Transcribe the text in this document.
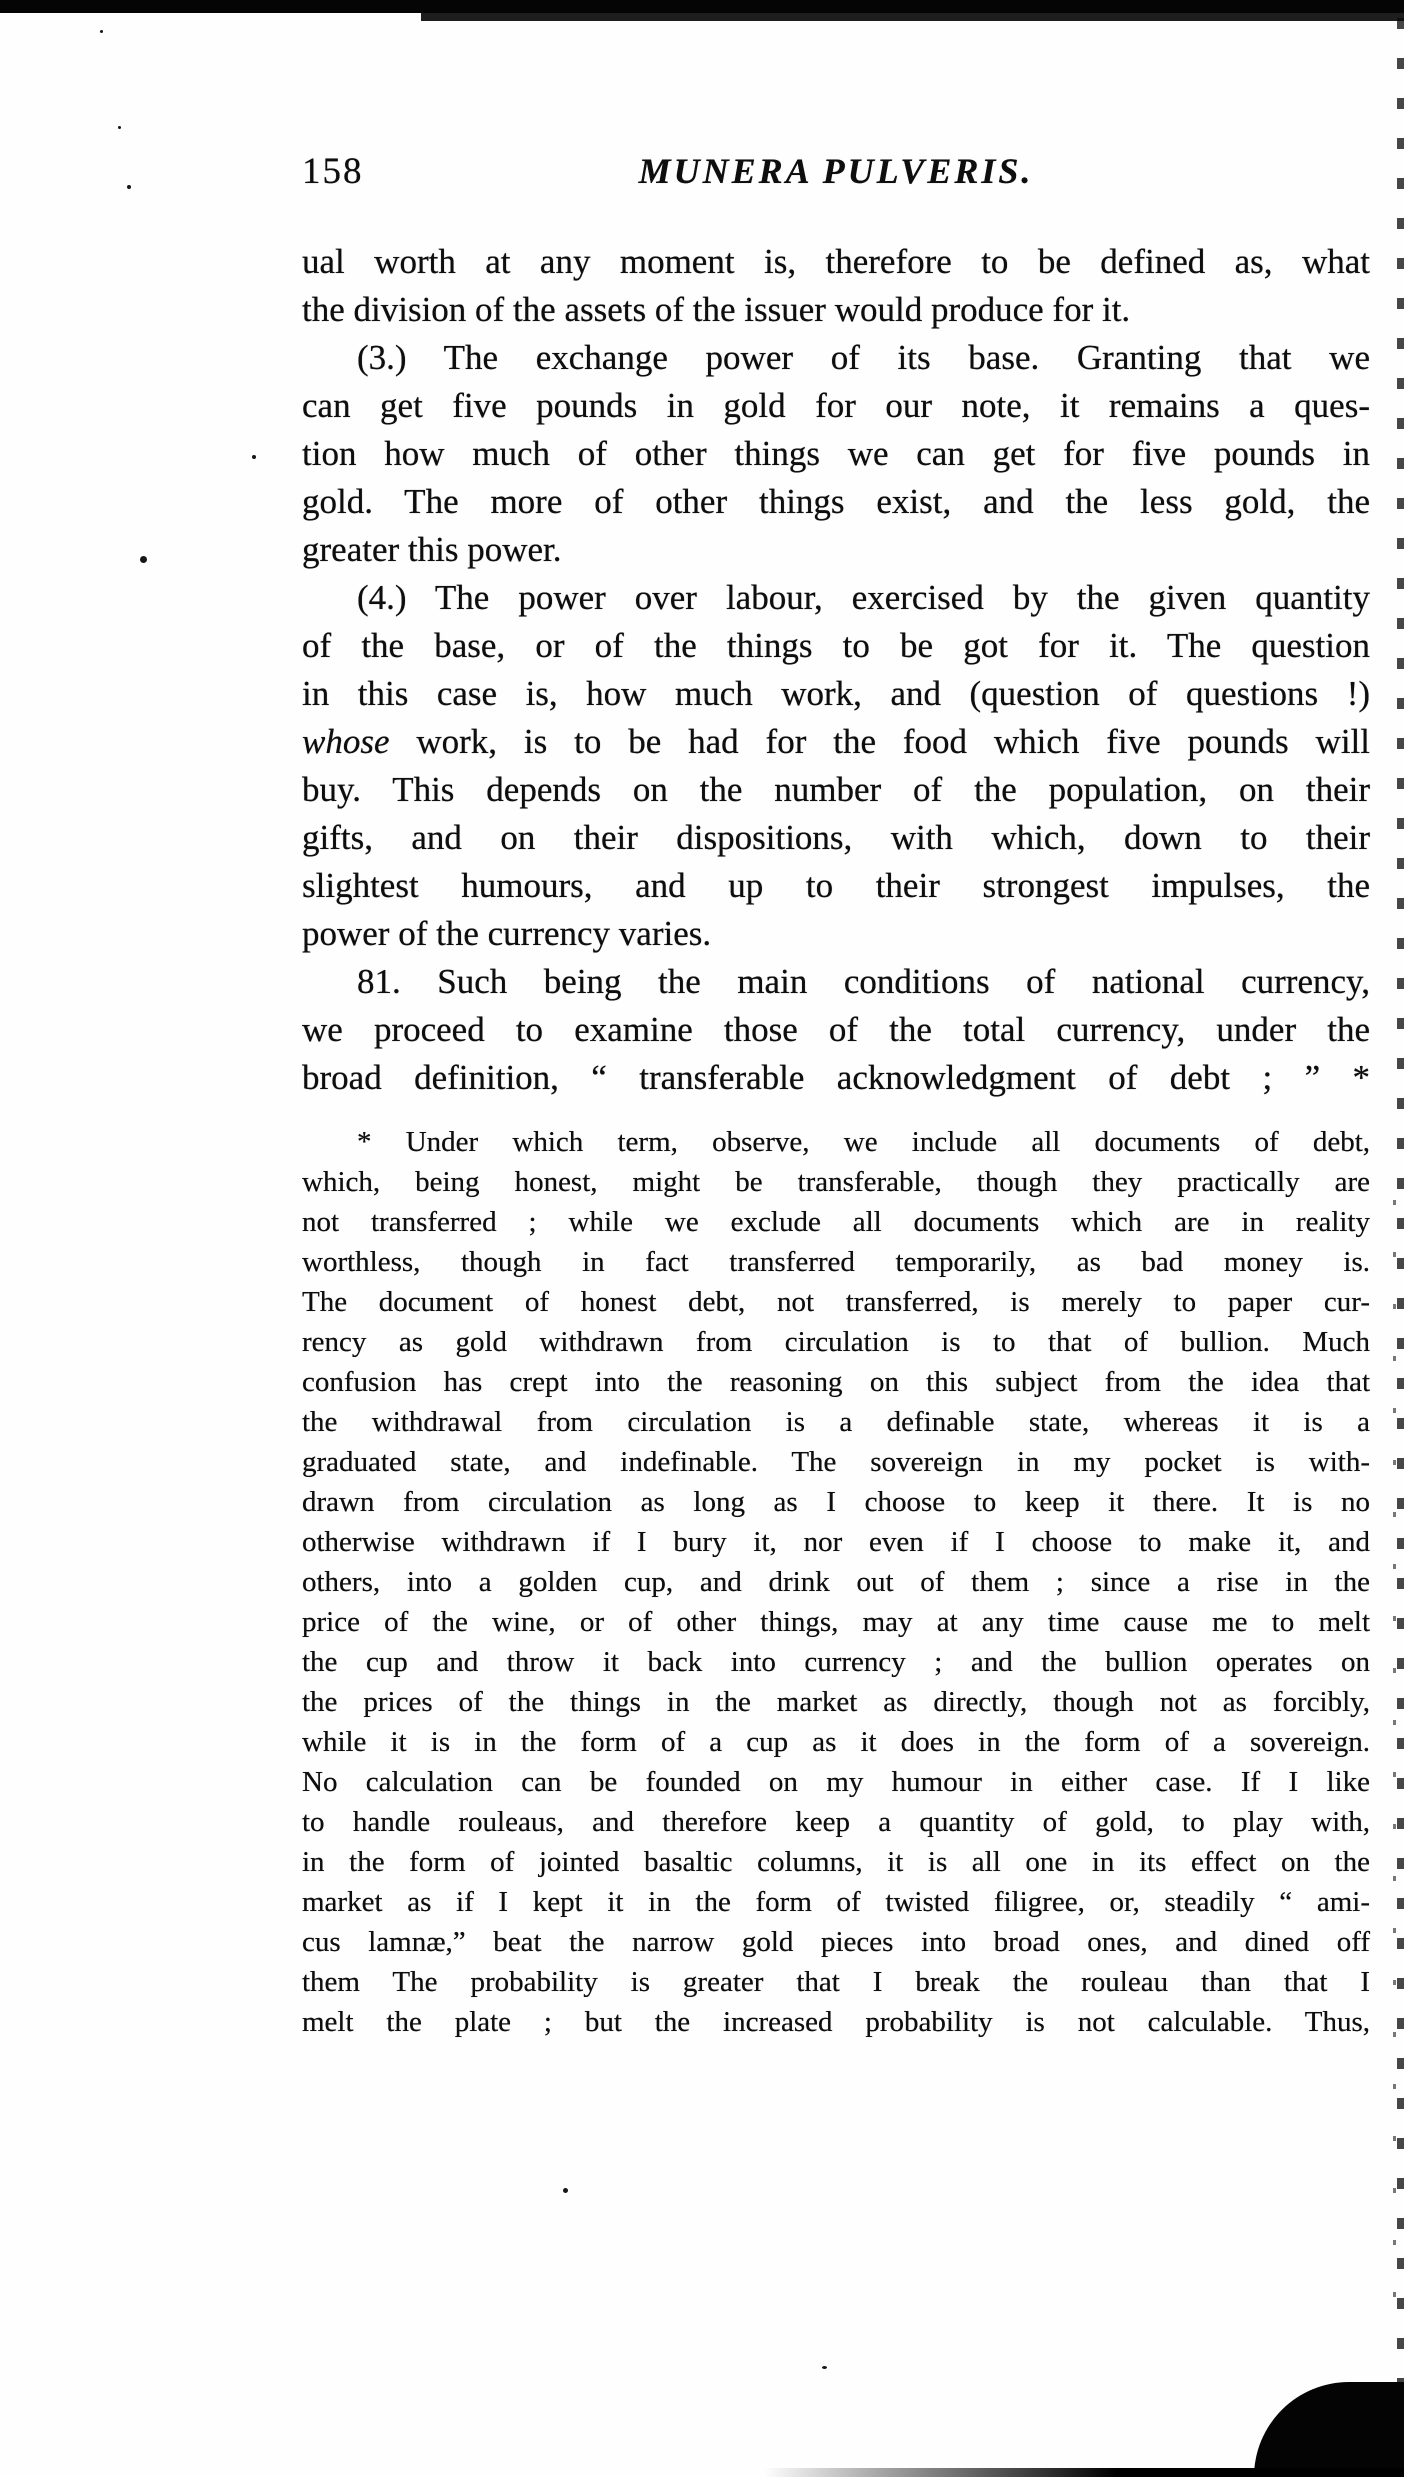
158	MUNERA PULVERIS.

ual worth at any moment is, therefore to be defined as, what

the division of the assets of the issuer would produce for it.

(3.) The exchange power of its base. Granting that we

can get five pounds in gold for our note, it remains a ques-

tion how much of other things we can get for five pounds in

gold. The more of other things exist, and the less gold, the

greater this power.

(4.) The power over labour, exercised by the given quantity

of the base, or of the things to be got for it. The question

in this case is, how much work, and (question of questions !)

whose work, is to be had for the food which five pounds will

buy. This depends on the number of the population, on their

gifts, and on their dispositions, with which, down to their

slightest humours, and up to their strongest impulses, the

power of the currency varies.

81. Such being the main conditions of national currency,

we proceed to examine those of the total currency, under the

broad definition, “ transferable acknowledgment of debt ; ” *

* Under which term, observe, we include all documents of debt,

which, being honest, might be transferable, though they practically are

not transferred ; while we exclude all documents which are in reality

worthless, though in fact transferred temporarily, as bad money is.

The document of honest debt, not transferred, is merely to paper cur-

rency as gold withdrawn from circulation is to that of bullion. Much

confusion has crept into the reasoning on this subject from the idea that

the withdrawal from circulation is a definable state, whereas it is a

graduated state, and indefinable. The sovereign in my pocket is with-

drawn from circulation as long as I choose to keep it there. It is no

otherwise withdrawn if I bury it, nor even if I choose to make it, and

others, into a golden cup, and drink out of them ; since a rise in the

price of the wine, or of other things, may at any time cause me to melt

the cup and throw it back into currency ; and the bullion operates on

the prices of the things in the market as directly, though not as forcibly,

while it is in the form of a cup as it does in the form of a sovereign.

No calculation can be founded on my humour in either case. If I like

to handle rouleaus, and therefore keep a quantity of gold, to play with,

in the form of jointed basaltic columns, it is all one in its effect on the

market as if I kept it in the form of twisted filigree, or, steadily “ ami-

cus lamnæ,” beat the narrow gold pieces into broad ones, and dined off

them The probability is greater that I break the rouleau than that I

melt the plate ; but the increased probability is not calculable. Thus,
